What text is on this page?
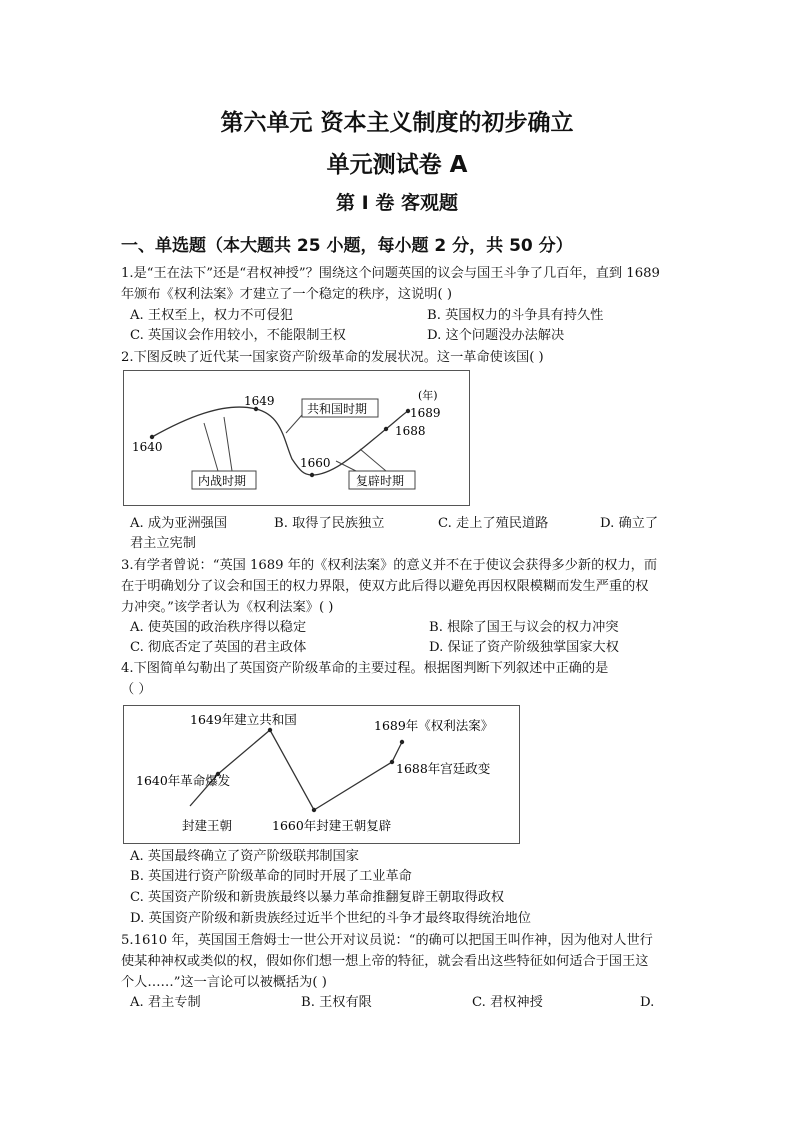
第六单元 资本主义制度的初步确立
单元测试卷 A
第 I 卷 客观题
一、单选题（本大题共 25 小题，每小题 2 分，共 50 分）
1.是“王在法下”还是“君权神授”？围绕这个问题英国的议会与国王斗争了几百年，直到 1689
年颁布《权利法案》才建立了一个稳定的秩序，这说明( )
A. 王权至上，权力不可侵犯	B. 英国权力的斗争具有持久性
C. 英国议会作用较小，不能限制王权	D. 这个问题没办法解决
2.下图反映了近代某一国家资产阶级革命的发展状况。这一革命使该国( )
1640
1649
1660
1688
1689
(年)
共和国时期
内战时期	复辟时期
A. 成为亚洲强国	B. 取得了民族独立	C. 走上了殖民道路	D. 确立了
君主立宪制
3.有学者曾说：“英国 1689 年的《权利法案》的意义并不在于使议会获得多少新的权力，而
在于明确划分了议会和国王的权力界限，使双方此后得以避免再因权限模糊而发生严重的权
力冲突。”该学者认为《权利法案》( )
A. 使英国的政治秩序得以稳定	B. 根除了国王与议会的权力冲突
C. 彻底否定了英国的君主政体	D. 保证了资产阶级独掌国家大权
4.下图简单勾勒出了英国资产阶级革命的主要过程。根据图判断下列叙述中正确的是
（ ）
封建王朝
1640年革命爆发
1649年建立共和国
1660年封建王朝复辟
1688年宫廷政变
1689年《权利法案》
A. 英国最终确立了资产阶级联邦制国家
B. 英国进行资产阶级革命的同时开展了工业革命
C. 英国资产阶级和新贵族最终以暴力革命推翻复辟王朝取得政权
D. 英国资产阶级和新贵族经过近半个世纪的斗争才最终取得统治地位
5.1610 年，英国国王詹姆士一世公开对议员说：“的确可以把国王叫作神，因为他对人世行
使某种神权或类似的权，假如你们想一想上帝的特征，就会看出这些特征如何适合于国王这
个人……”这一言论可以被概括为( )
A. 君主专制	B. 王权有限	C. 君权神授	D.
